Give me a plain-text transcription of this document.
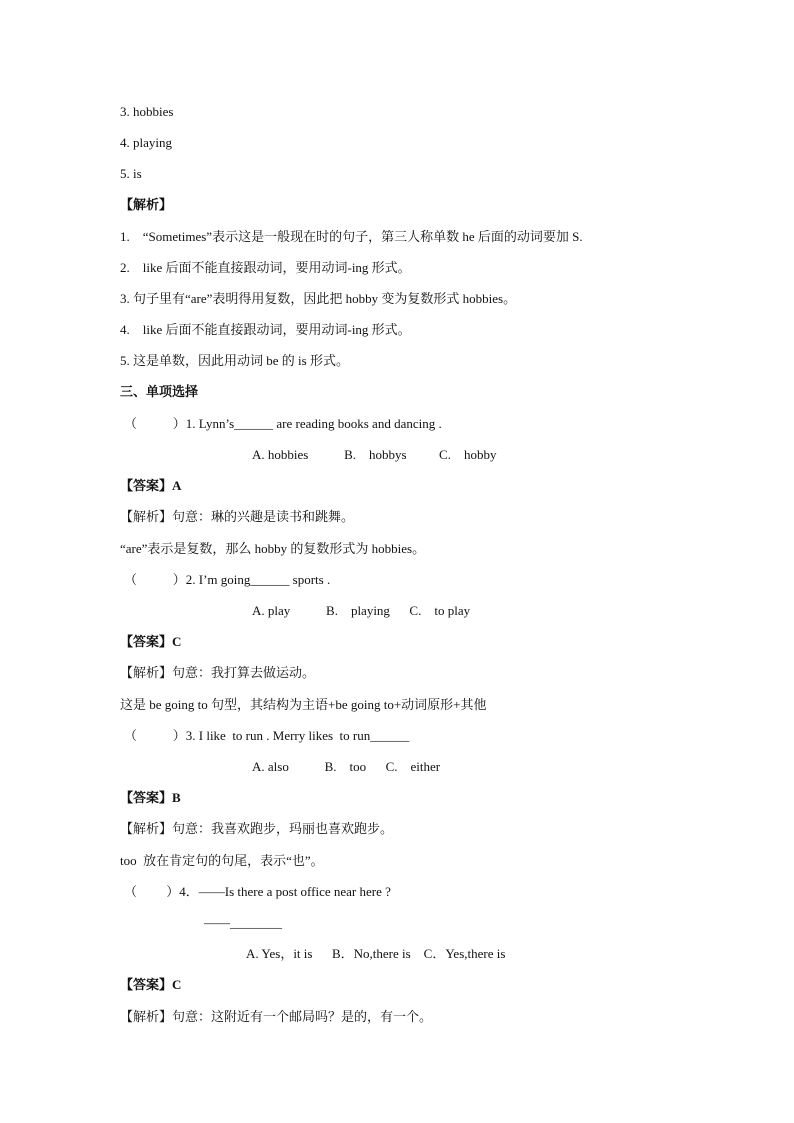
3. hobbies
4. playing
5. is
【解析】
1.    “Sometimes”表示这是一般现在时的句子，第三人称单数 he 后面的动词要加 S.
2.    like 后面不能直接跟动词，要用动词-ing 形式。
3. 句子里有“are”表明得用复数，因此把 hobby 变为复数形式 hobbies。
4.    like 后面不能直接跟动词，要用动词-ing 形式。
5. 这是单数，因此用动词 be 的 is 形式。
三、单项选择
（           ）1. Lynn’s______ are reading books and dancing .
A. hobbies           B.    hobbys          C.    hobby
【答案】A
【解析】句意：琳的兴趣是读书和跳舞。
“are”表示是复数，那么 hobby 的复数形式为 hobbies。
（           ）2. I’m going______ sports .
A. play           B.    playing      C.    to play
【答案】C
【解析】句意：我打算去做运动。
这是 be going to 句型，其结构为主语+be going to+动词原形+其他
（           ）3. I like  to run . Merry likes  to run______
A. also           B.    too      C.    either
【答案】B
【解析】句意：我喜欢跑步，玛丽也喜欢跑步。
too  放在肯定句的句尾，表示“也”。
（         ）4．——Is there a post office near here ?
——________
A. Yes，it is      B．No,there is    C．Yes,there is
【答案】C
【解析】句意：这附近有一个邮局吗？是的，有一个。
